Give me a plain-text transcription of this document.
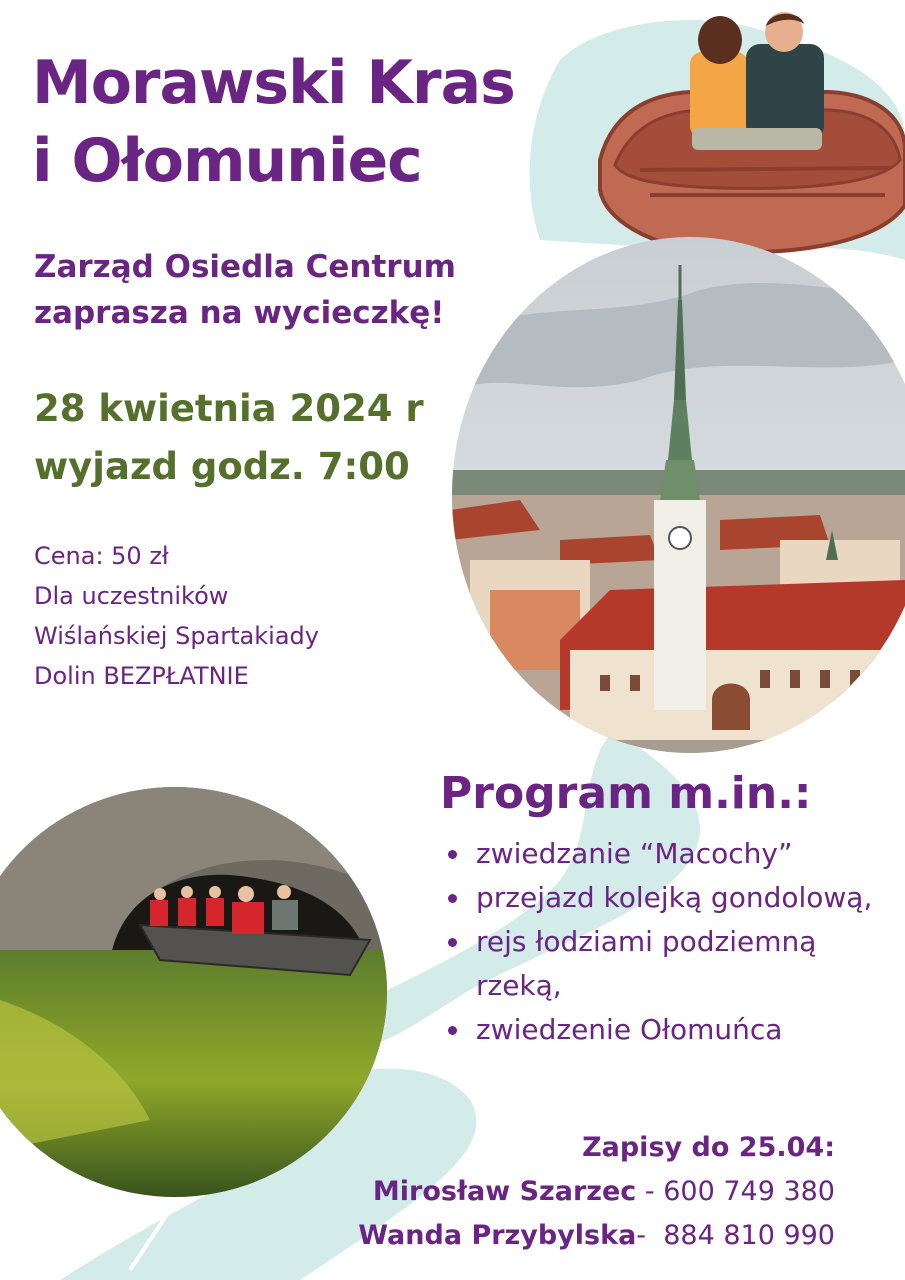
Morawski Kras
i Ołomuniec
Zarząd Osiedla Centrum
zaprasza na wycieczkę!
28 kwietnia 2024 r
wyjazd godz. 7:00
Cena: 50 zł
Dla uczestników
Wiślańskiej Spartakiady
Dolin BEZPŁATNIE
Program m.in.:
zwiedzanie “Macochy”
przejazd kolejką gondolową,
rejs łodziami podziemną rzeką,
zwiedzenie Ołomuńca
Zapisy do 25.04:
Mirosław Szarzec - 600 749 380
Wanda Przybylska-  884 810 990
